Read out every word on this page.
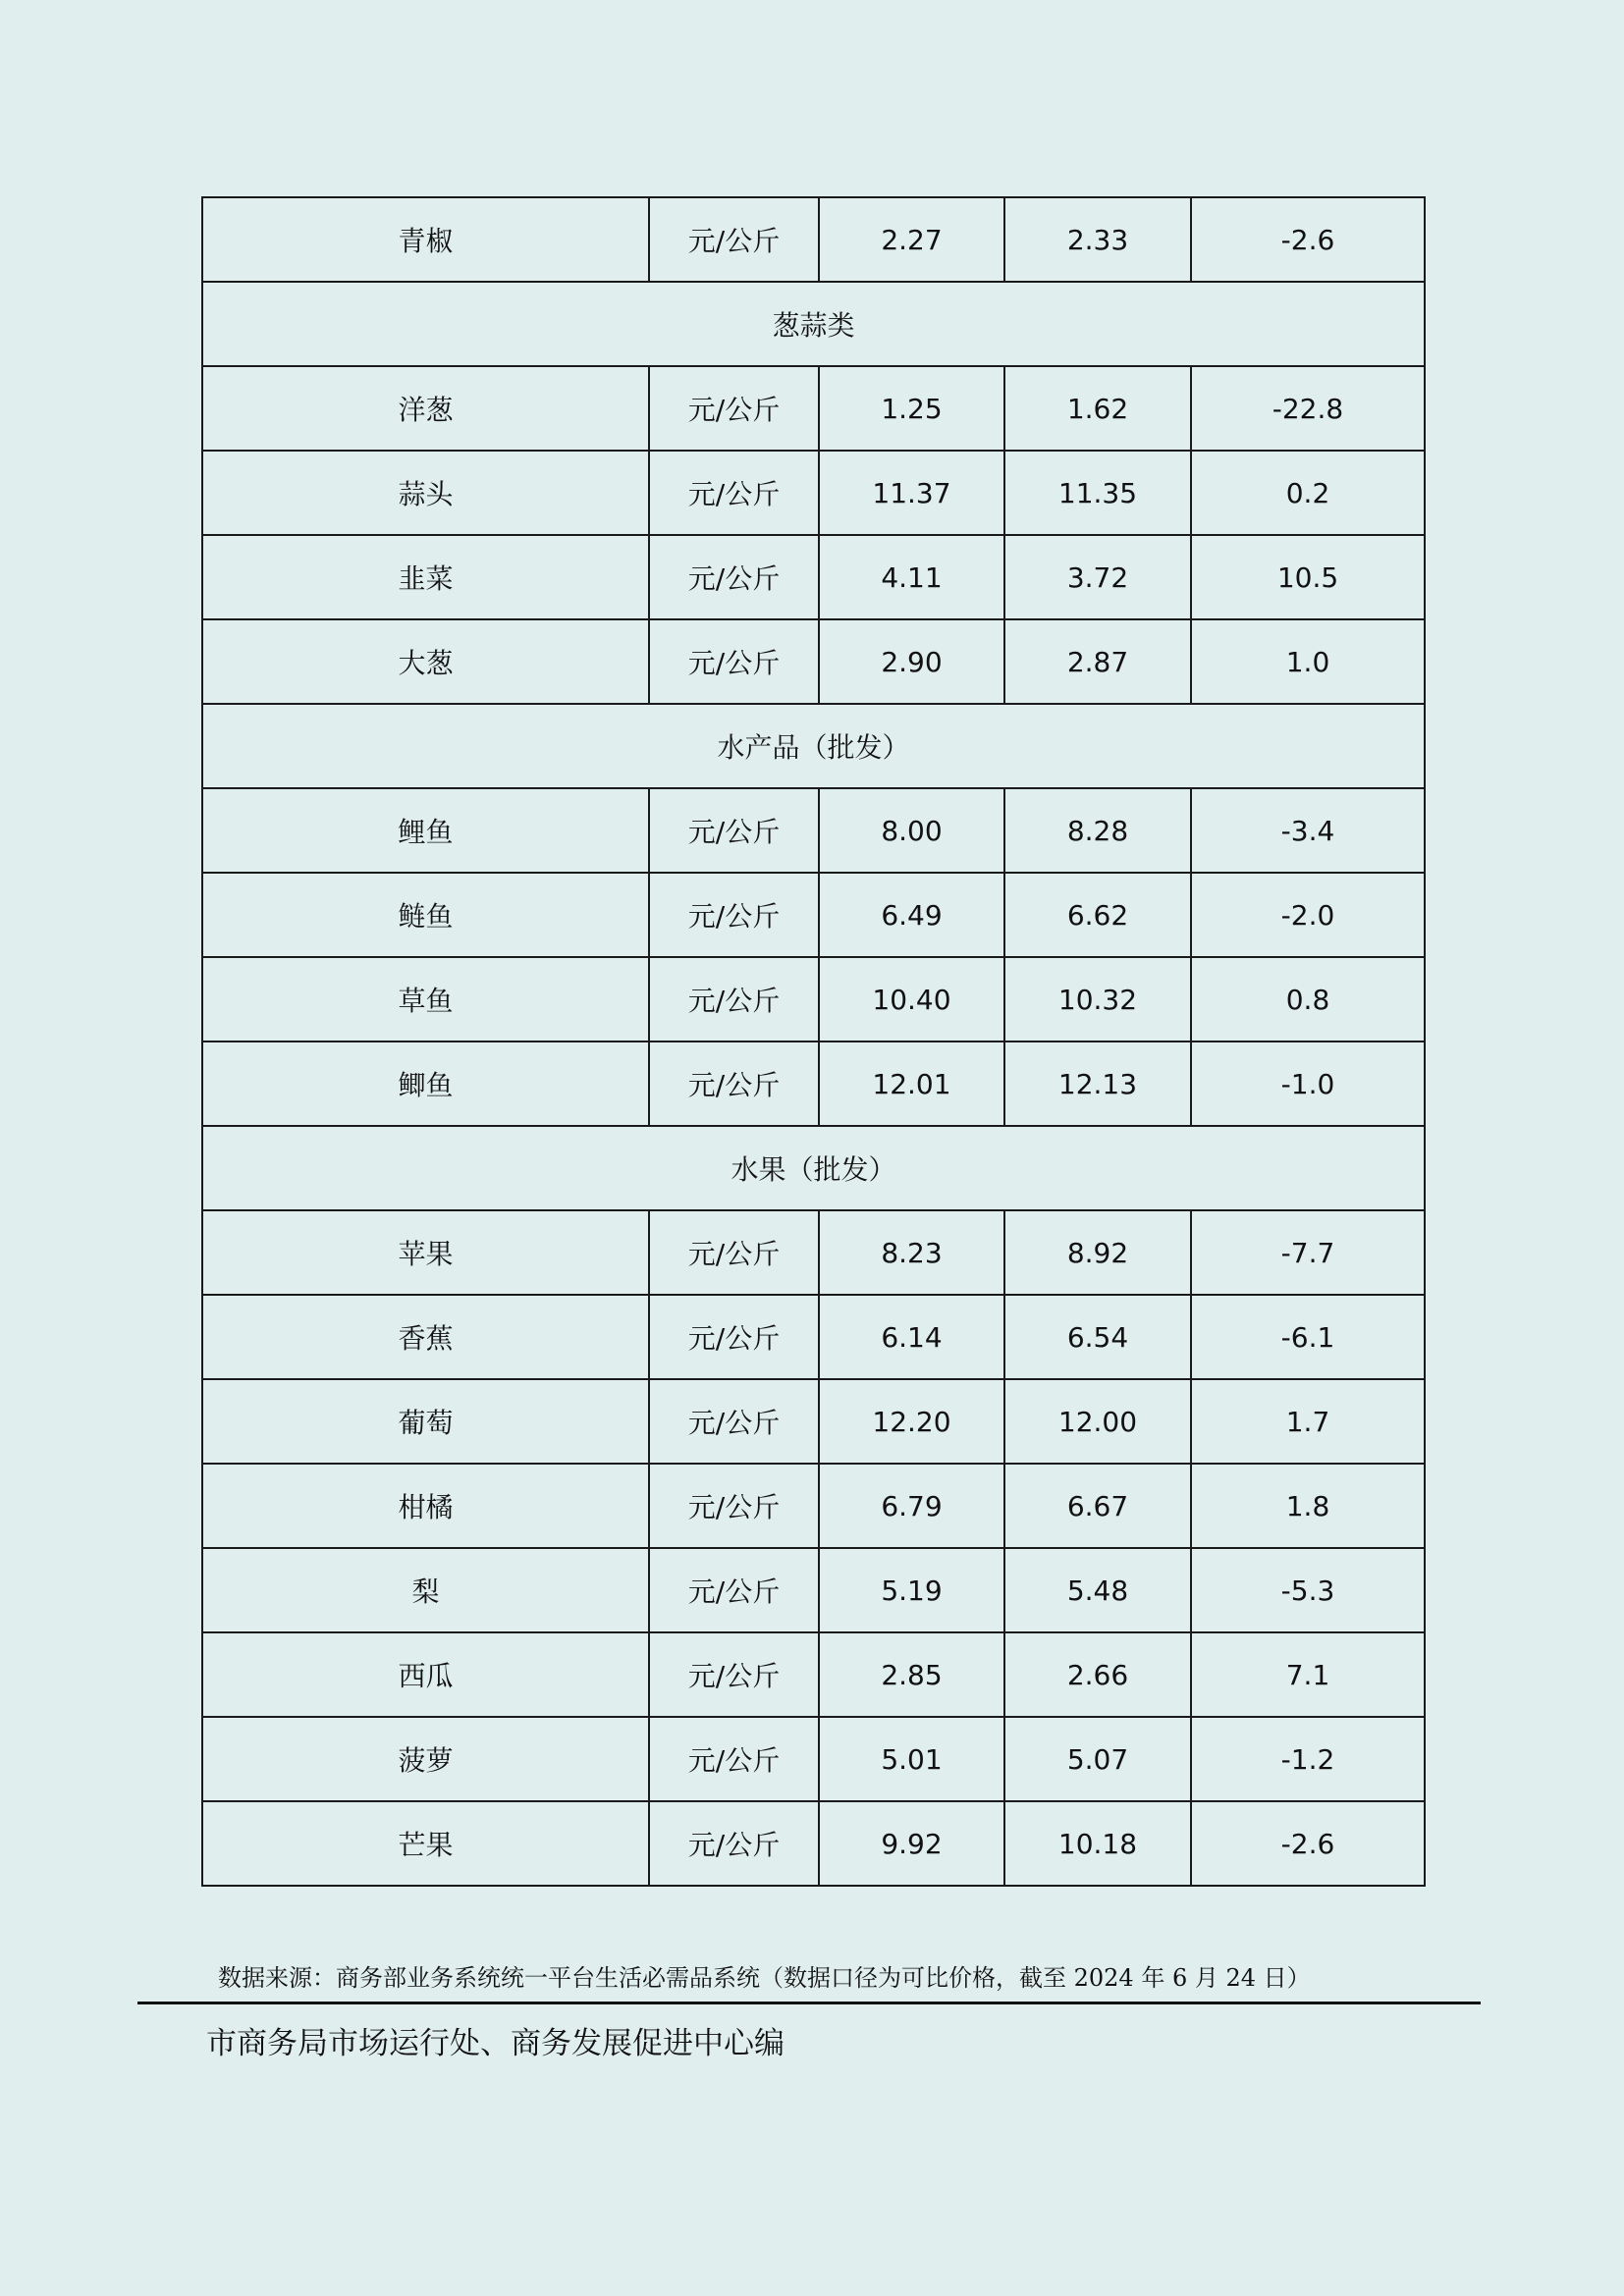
青椒	元/公斤	2.27	2.33	-2.6
葱蒜类				
洋葱	元/公斤	1.25	1.62	-22.8
蒜头	元/公斤	11.37	11.35	0.2
韭菜	元/公斤	4.11	3.72	10.5
大葱	元/公斤	2.90	2.87	1.0
水产品（批发）				
鲤鱼	元/公斤	8.00	8.28	-3.4
鲢鱼	元/公斤	6.49	6.62	-2.0
草鱼	元/公斤	10.40	10.32	0.8
鲫鱼	元/公斤	12.01	12.13	-1.0
水果（批发）				
苹果	元/公斤	8.23	8.92	-7.7
香蕉	元/公斤	6.14	6.54	-6.1
葡萄	元/公斤	12.20	12.00	1.7
柑橘	元/公斤	6.79	6.67	1.8
梨	元/公斤	5.19	5.48	-5.3
西瓜	元/公斤	2.85	2.66	7.1
菠萝	元/公斤	5.01	5.07	-1.2
芒果	元/公斤	9.92	10.18	-2.6
数据来源：商务部业务系统统一平台生活必需品系统（数据口径为可比价格，截至 2024 年 6 月 24 日）
市商务局市场运行处、商务发展促进中心编
